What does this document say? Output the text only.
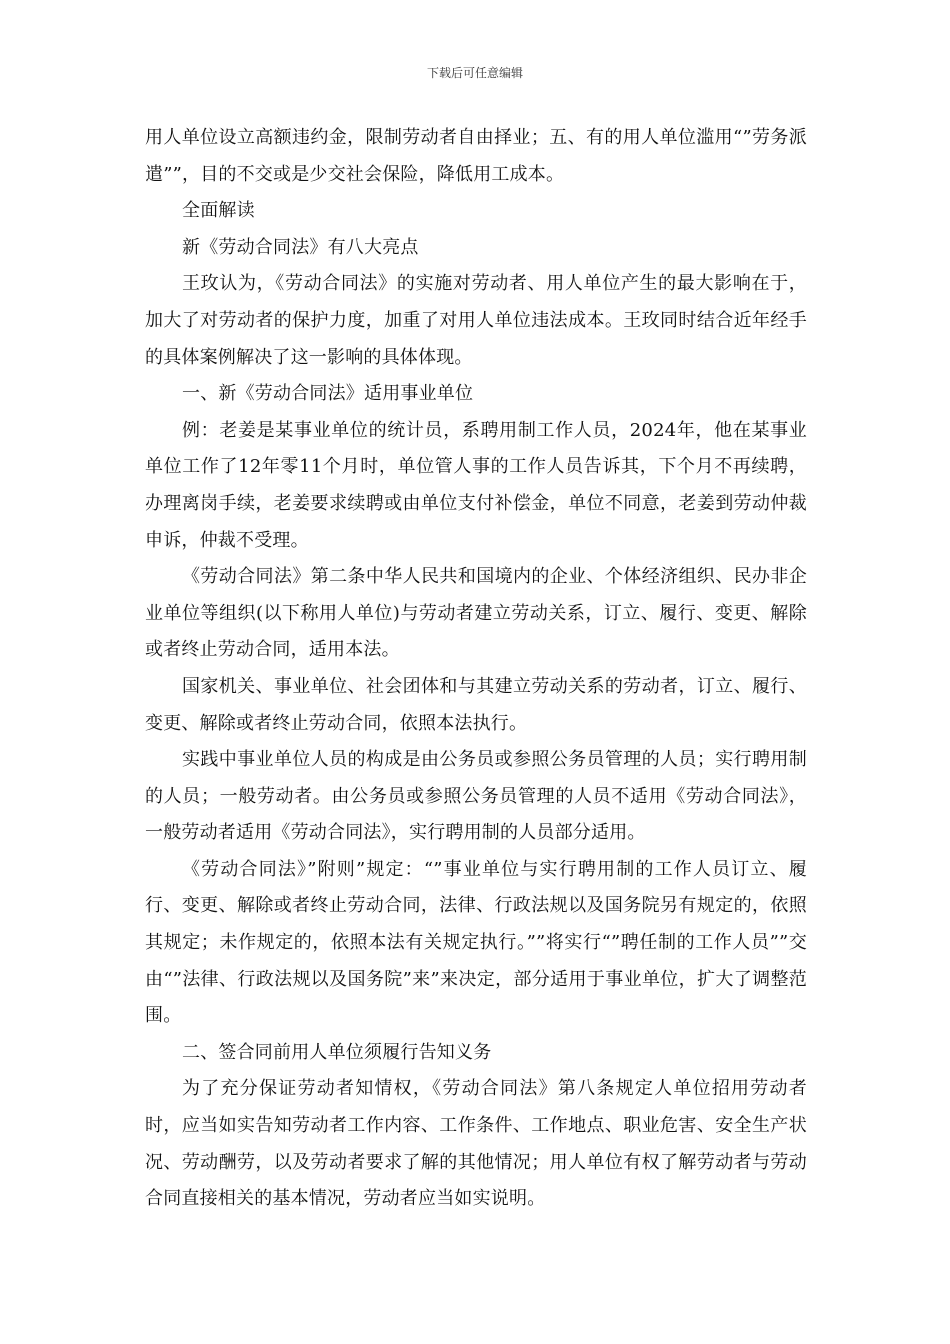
下载后可任意编辑

用人单位设立高额违约金，限制劳动者自由择业；五、有的用人单位滥用“”劳务派遣””，目的不交或是少交社会保险，降低用工成本。

全面解读

新《劳动合同法》有八大亮点

王玫认为，《劳动合同法》的实施对劳动者、用人单位产生的最大影响在于，加大了对劳动者的保护力度，加重了对用人单位违法成本。王玫同时结合近年经手的具体案例解决了这一影响的具体体现。

一、新《劳动合同法》适用事业单位

例：老姜是某事业单位的统计员，系聘用制工作人员，2024年，他在某事业单位工作了12年零11个月时，单位管人事的工作人员告诉其，下个月不再续聘，办理离岗手续，老姜要求续聘或由单位支付补偿金，单位不同意，老姜到劳动仲裁申诉，仲裁不受理。

《劳动合同法》第二条中华人民共和国境内的企业、个体经济组织、民办非企业单位等组织(以下称用人单位)与劳动者建立劳动关系，订立、履行、变更、解除或者终止劳动合同，适用本法。

国家机关、事业单位、社会团体和与其建立劳动关系的劳动者，订立、履行、变更、解除或者终止劳动合同，依照本法执行。

实践中事业单位人员的构成是由公务员或参照公务员管理的人员；实行聘用制的人员；一般劳动者。由公务员或参照公务员管理的人员不适用《劳动合同法》，一般劳动者适用《劳动合同法》，实行聘用制的人员部分适用。

《劳动合同法》”附则”规定：“”事业单位与实行聘用制的工作人员订立、履行、变更、解除或者终止劳动合同，法律、行政法规以及国务院另有规定的，依照其规定；未作规定的，依照本法有关规定执行。””将实行“”聘任制的工作人员””交由“”法律、行政法规以及国务院”来”来决定，部分适用于事业单位，扩大了调整范围。

二、签合同前用人单位须履行告知义务

为了充分保证劳动者知情权，《劳动合同法》第八条规定人单位招用劳动者时，应当如实告知劳动者工作内容、工作条件、工作地点、职业危害、安全生产状况、劳动酬劳，以及劳动者要求了解的其他情况；用人单位有权了解劳动者与劳动合同直接相关的基本情况，劳动者应当如实说明。
